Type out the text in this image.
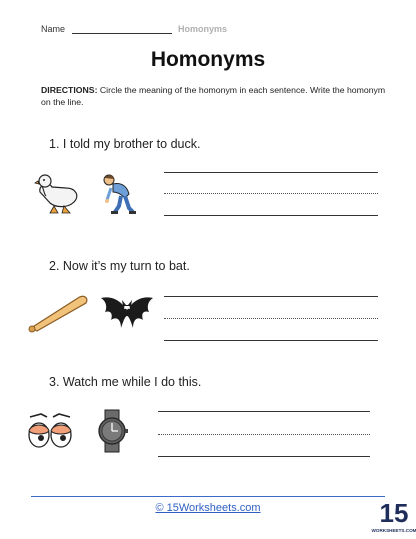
Name	Homonyms
Homonyms
DIRECTIONS: Circle the meaning of the homonym in each sentence. Write the homonym on the line.
1. I told my brother to duck.
2. Now it’s my turn to bat.
3. Watch me while I do this.
© 15Worksheets.com	15
WORKSHEETS.COM
